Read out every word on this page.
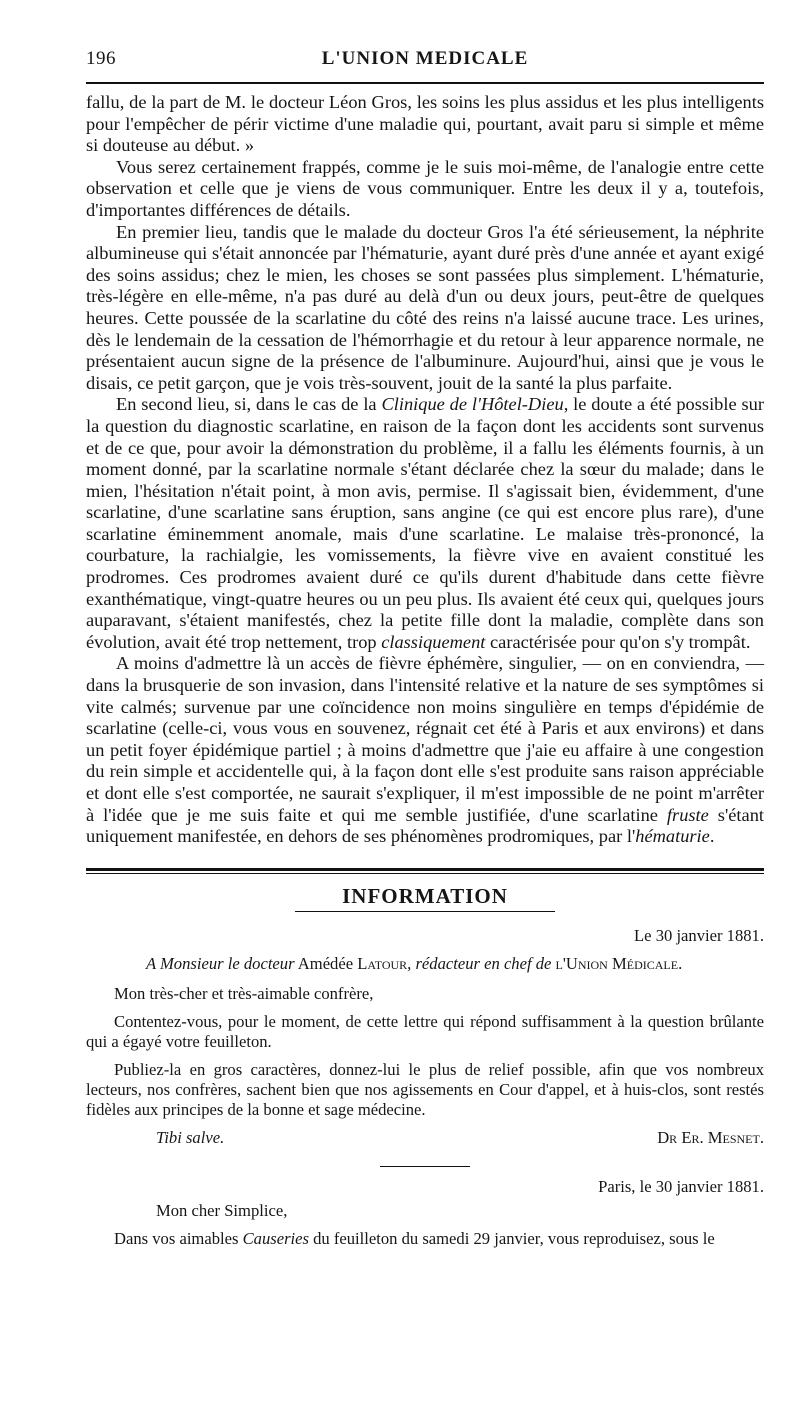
196	L'UNION MEDICALE

fallu, de la part de M. le docteur Léon Gros, les soins les plus assidus et les plus intelligents pour l'empêcher de périr victime d'une maladie qui, pourtant, avait paru si simple et même si douteuse au début. »

Vous serez certainement frappés, comme je le suis moi-même, de l'analogie entre cette observation et celle que je viens de vous communiquer. Entre les deux il y a, toutefois, d'importantes différences de détails.

En premier lieu, tandis que le malade du docteur Gros l'a été sérieusement, la néphrite albumineuse qui s'était annoncée par l'hématurie, ayant duré près d'une année et ayant exigé des soins assidus; chez le mien, les choses se sont passées plus simplement. L'hématurie, très-légère en elle-même, n'a pas duré au delà d'un ou deux jours, peut-être de quelques heures. Cette poussée de la scarlatine du côté des reins n'a laissé aucune trace. Les urines, dès le lendemain de la cessation de l'hémorrhagie et du retour à leur apparence normale, ne présentaient aucun signe de la présence de l'albuminure. Aujourd'hui, ainsi que je vous le disais, ce petit garçon, que je vois très-souvent, jouit de la santé la plus parfaite.

En second lieu, si, dans le cas de la Clinique de l'Hôtel-Dieu, le doute a été possible sur la question du diagnostic scarlatine, en raison de la façon dont les accidents sont survenus et de ce que, pour avoir la démonstration du problème, il a fallu les éléments fournis, à un moment donné, par la scarlatine normale s'étant déclarée chez la sœur du malade; dans le mien, l'hésitation n'était point, à mon avis, permise. Il s'agissait bien, évidemment, d'une scarlatine, d'une scarlatine sans éruption, sans angine (ce qui est encore plus rare), d'une scarlatine éminemment anomale, mais d'une scarlatine. Le malaise très-prononcé, la courbature, la rachialgie, les vomissements, la fièvre vive en avaient constitué les prodromes. Ces prodromes avaient duré ce qu'ils durent d'habitude dans cette fièvre exanthématique, vingt-quatre heures ou un peu plus. Ils avaient été ceux qui, quelques jours auparavant, s'étaient manifestés, chez la petite fille dont la maladie, complète dans son évolution, avait été trop nettement, trop classiquement caractérisée pour qu'on s'y trompât.

A moins d'admettre là un accès de fièvre éphémère, singulier, — on en conviendra, — dans la brusquerie de son invasion, dans l'intensité relative et la nature de ses symptômes si vite calmés; survenue par une coïncidence non moins singulière en temps d'épidémie de scarlatine (celle-ci, vous vous en souvenez, régnait cet été à Paris et aux environs) et dans un petit foyer épidémique partiel ; à moins d'admettre que j'aie eu affaire à une congestion du rein simple et accidentelle qui, à la façon dont elle s'est produite sans raison appréciable et dont elle s'est comportée, ne saurait s'expliquer, il m'est impossible de ne point m'arrêter à l'idée que je me suis faite et qui me semble justifiée, d'une scarlatine fruste s'étant uniquement manifestée, en dehors de ses phénomènes prodromiques, par l'hématurie.

INFORMATION
Le 30 janvier 1881.
A Monsieur le docteur Amédée Latour, rédacteur en chef de l'Union Médicale.

Mon très-cher et très-aimable confrère,

Contentez-vous, pour le moment, de cette lettre qui répond suffisamment à la question brûlante qui a égayé votre feuilleton.

Publiez-la en gros caractères, donnez-lui le plus de relief possible, afin que vos nombreux lecteurs, nos confrères, sachent bien que nos agissements en Cour d'appel, et à huis-clos, sont restés fidèles aux principes de la bonne et sage médecine.

Tibi salve.	Dr Er. Mesnet.
Paris, le 30 janvier 1881.
Mon cher Simplice,

Dans vos aimables Causeries du feuilleton du samedi 29 janvier, vous reproduisez, sous le
